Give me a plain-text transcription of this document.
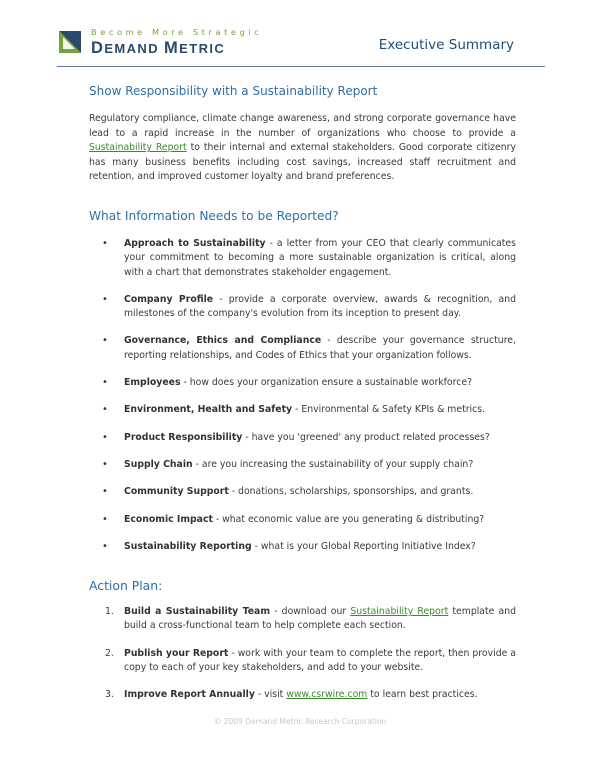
Become More Strategic
DEMAND METRIC	Executive Summary
Show Responsibility with a Sustainability Report

Regulatory compliance, climate change awareness, and strong corporate governance have lead to a rapid increase in the number of organizations who choose to provide a Sustainability Report to their internal and external stakeholders. Good corporate citizenry has many business benefits including cost savings, increased staff recruitment and retention, and improved customer loyalty and brand preferences.

What Information Needs to be Reported?
• Approach to Sustainability - a letter from your CEO that clearly communicates your commitment to becoming a more sustainable organization is critical, along with a chart that demonstrates stakeholder engagement.
• Company Profile - provide a corporate overview, awards & recognition, and milestones of the company's evolution from its inception to present day.
• Governance, Ethics and Compliance - describe your governance structure, reporting relationships, and Codes of Ethics that your organization follows.
• Employees - how does your organization ensure a sustainable workforce?
• Environment, Health and Safety - Environmental & Safety KPIs & metrics.
• Product Responsibility - have you 'greened' any product related processes?
• Supply Chain - are you increasing the sustainability of your supply chain?
• Community Support - donations, scholarships, sponsorships, and grants.
• Economic Impact - what economic value are you generating & distributing?
• Sustainability Reporting - what is your Global Reporting Initiative Index?
Action Plan:
1. Build a Sustainability Team - download our Sustainability Report template and build a cross-functional team to help complete each section.
2. Publish your Report - work with your team to complete the report, then provide a copy to each of your key stakeholders, and add to your website.
3. Improve Report Annually - visit www.csrwire.com to learn best practices.
© 2009 Demand Metric Research Corporation
